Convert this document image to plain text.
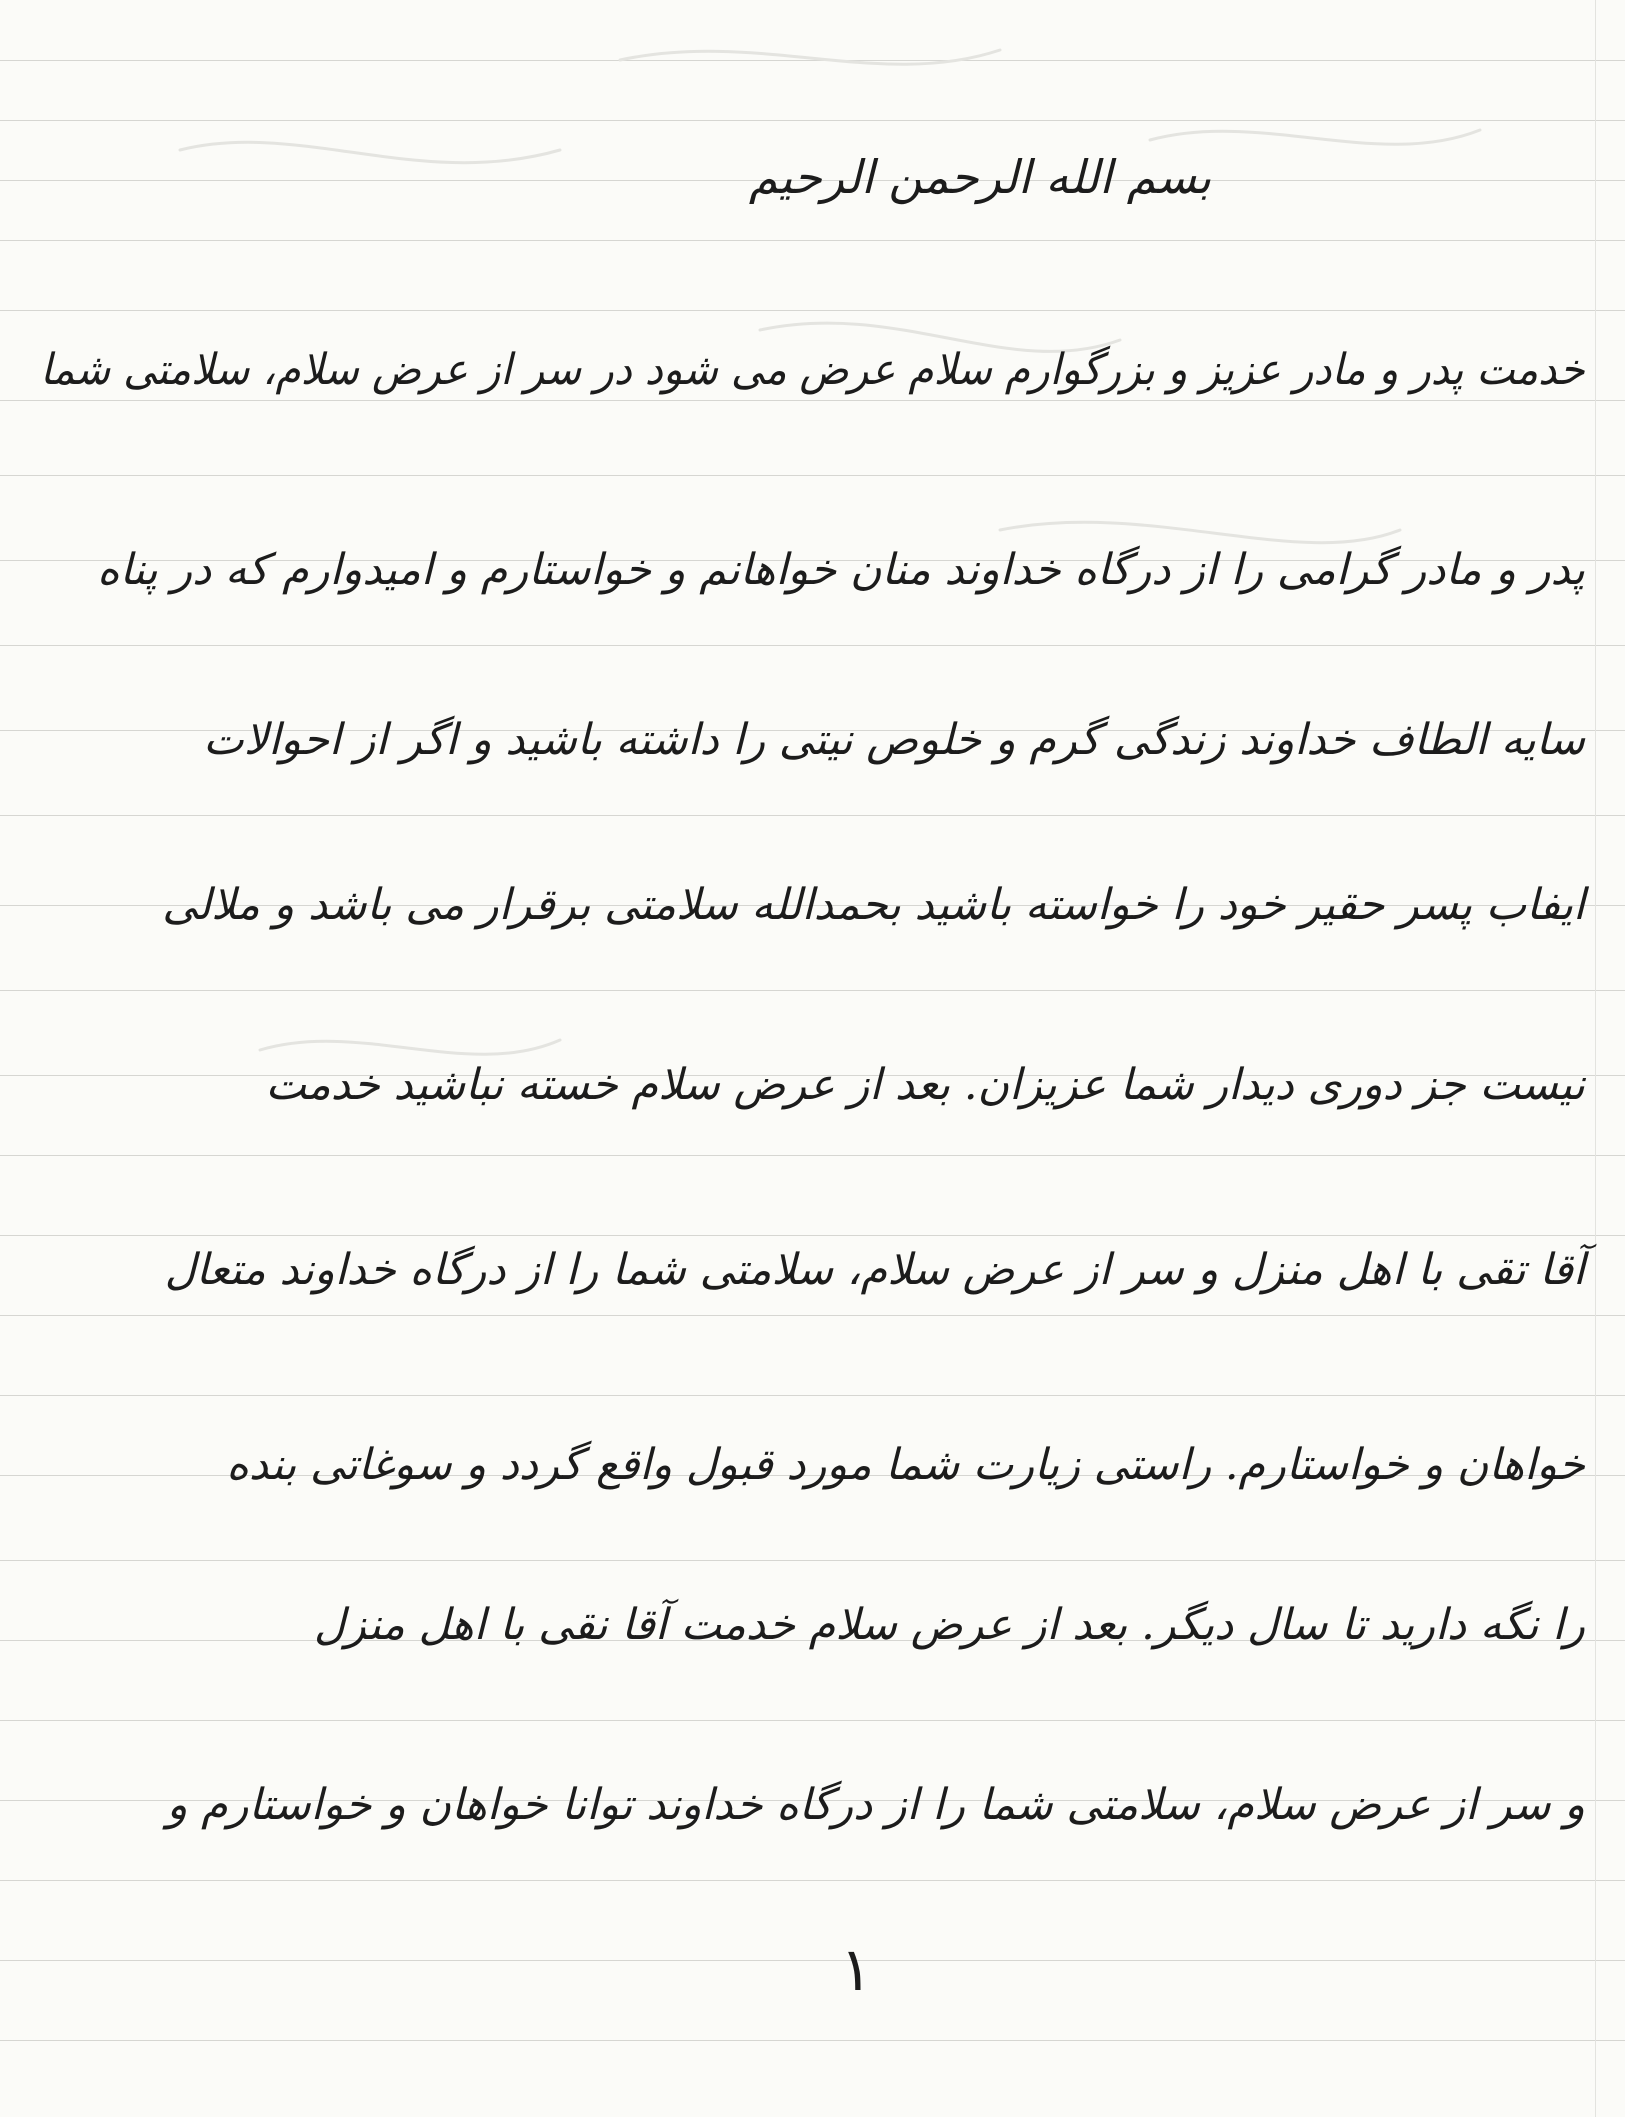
بسم الله الرحمن الرحیم
خدمت پدر و مادر عزیز و بزرگوارم سلام عرض می شود در سر از عرض سلام، سلامتی شما
پدر و مادر گرامی را از درگاه خداوند منان خواهانم و خواستارم و امیدوارم که در پناه
سایه الطاف خداوند زندگی گرم و خلوص نیتی را داشته باشید و اگر از احوالات
ایفاب پسر حقیر خود را خواسته باشید بحمدالله سلامتی برقرار می باشد و ملالی
نیست جز دوری دیدار شما عزیزان. بعد از عرض سلام خسته نباشید خدمت
آقا تقی با اهل منزل و سر از عرض سلام، سلامتی شما را از درگاه خداوند متعال
خواهان و خواستارم. راستی زیارت شما مورد قبول واقع گردد و سوغاتی بنده
را نگه دارید تا سال دیگر. بعد از عرض سلام خدمت آقا نقی با اهل منزل
و سر از عرض سلام، سلامتی شما را از درگاه خداوند توانا خواهان و خواستارم و
۱
